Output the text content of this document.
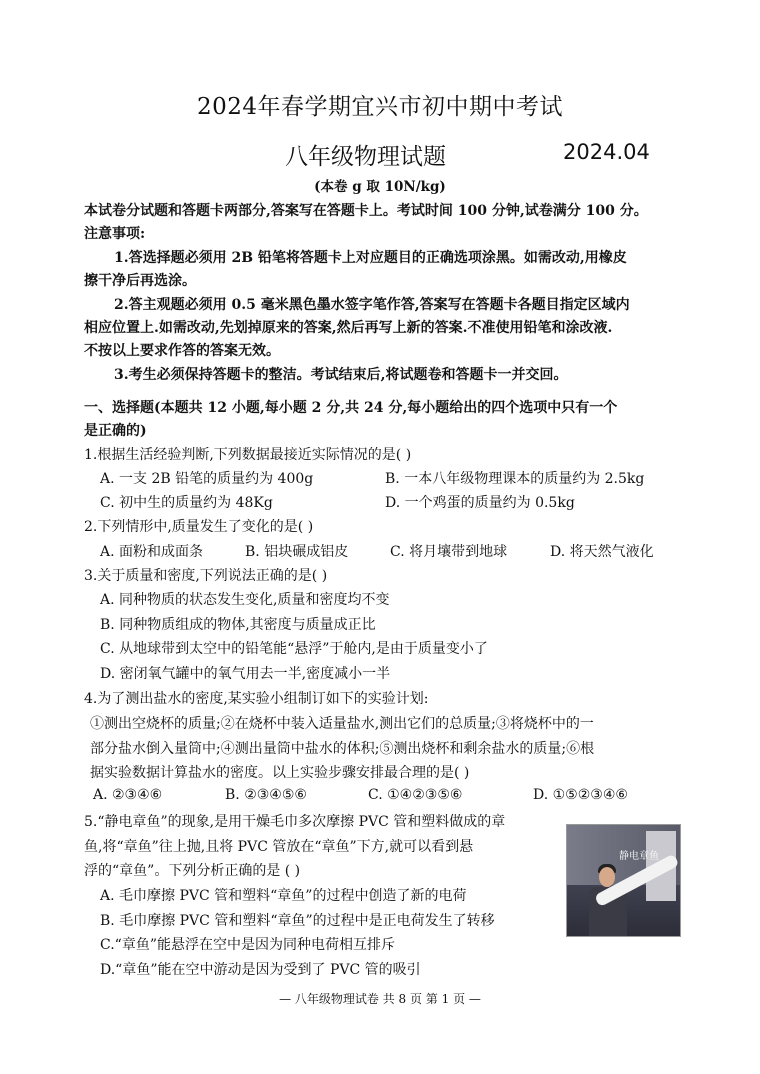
2024年春学期宜兴市初中期中考试
八年级物理试题	2024.04
(本卷 g 取 10N/kg)
本试卷分试题和答题卡两部分,答案写在答题卡上。考试时间 100 分钟,试卷满分 100 分。
注意事项:
1.答选择题必须用 2B 铅笔将答题卡上对应题目的正确选项涂黑。如需改动,用橡皮
擦干净后再选涂。
2.答主观题必须用 0.5 毫米黑色墨水签字笔作答,答案写在答题卡各题目指定区域内
相应位置上.如需改动,先划掉原来的答案,然后再写上新的答案.不准使用铅笔和涂改液.
不按以上要求作答的答案无效。
3.考生必须保持答题卡的整洁。考试结束后,将试题卷和答题卡一并交回。
一、选择题(本题共 12 小题,每小题 2 分,共 24 分,每小题给出的四个选项中只有一个
是正确的)
1.根据生活经验判断,下列数据最接近实际情况的是( )
A. 一支 2B 铅笔的质量约为 400g	B. 一本八年级物理课本的质量约为 2.5kg
C. 初中生的质量约为 48Kg	D. 一个鸡蛋的质量约为 0.5kg
2.下列情形中,质量发生了变化的是( )
A. 面粉和成面条	B. 铝块碾成铝皮	C. 将月壤带到地球	D. 将天然气液化
3.关于质量和密度,下列说法正确的是( )
A. 同种物质的状态发生变化,质量和密度均不变
B. 同种物质组成的物体,其密度与质量成正比
C. 从地球带到太空中的铅笔能“悬浮”于舱内,是由于质量变小了
D. 密闭氧气罐中的氧气用去一半,密度减小一半
4.为了测出盐水的密度,某实验小组制订如下的实验计划:
①测出空烧杯的质量;②在烧杯中装入适量盐水,测出它们的总质量;③将烧杯中的一
部分盐水倒入量筒中;④测出量筒中盐水的体积;⑤测出烧杯和剩余盐水的质量;⑥根
据实验数据计算盐水的密度。以上实验步骤安排最合理的是( )
A. ②③④⑥	B. ②③④⑤⑥	C. ①④②③⑤⑥	D. ①⑤②③④⑥
5.“静电章鱼”的现象,是用干燥毛巾多次摩擦 PVC 管和塑料做成的章
鱼,将“章鱼”往上抛,且将 PVC 管放在“章鱼”下方,就可以看到悬
浮的“章鱼”。下列分析正确的是 ( )
A. 毛巾摩擦 PVC 管和塑料“章鱼”的过程中创造了新的电荷
B. 毛巾摩擦 PVC 管和塑料“章鱼”的过程中是正电荷发生了转移
C.“章鱼”能悬浮在空中是因为同种电荷相互排斥
D.“章鱼”能在空中游动是因为受到了 PVC 管的吸引
静电章鱼
— 八年级物理试卷 共 8 页 第 1 页 —
